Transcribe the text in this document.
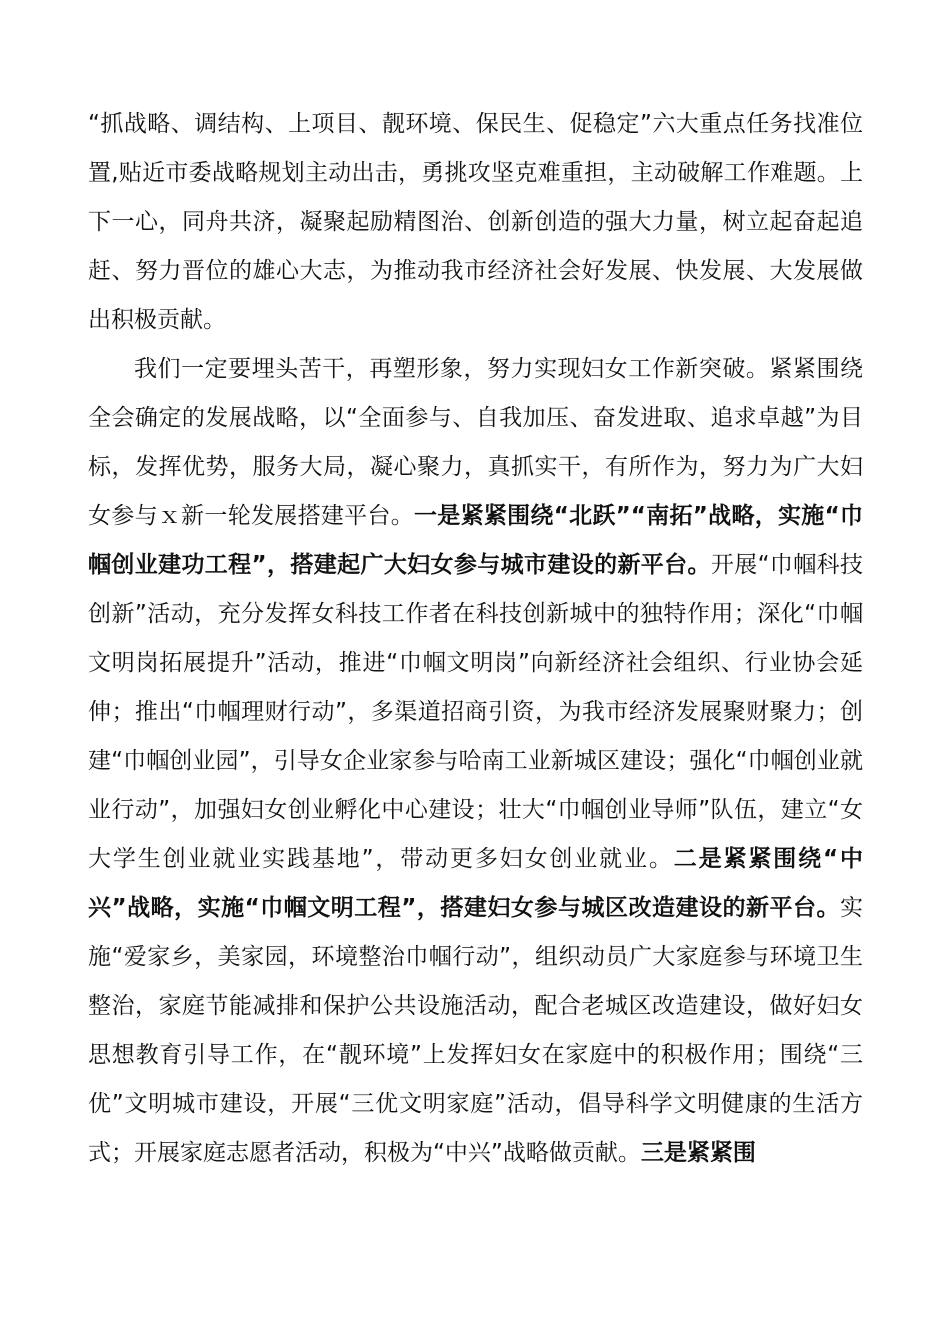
“抓战略、调结构、上项目、靓环境、保民生、促稳定”六大重点任务找准位置,贴近市委战略规划主动出击，勇挑攻坚克难重担，主动破解工作难题。上下一心，同舟共济，凝聚起励精图治、创新创造的强大力量，树立起奋起追赶、努力晋位的雄心大志，为推动我市经济社会好发展、快发展、大发展做出积极贡献。

我们一定要埋头苦干，再塑形象，努力实现妇女工作新突破。紧紧围绕全会确定的发展战略，以“全面参与、自我加压、奋发进取、追求卓越”为目标，发挥优势，服务大局，凝心聚力，真抓实干，有所作为，努力为广大妇女参与ｘ新一轮发展搭建平台。一是紧紧围绕“北跃”“南拓”战略，实施“巾帼创业建功工程”，搭建起广大妇女参与城市建设的新平台。开展“巾帼科技创新”活动，充分发挥女科技工作者在科技创新城中的独特作用；深化“巾帼文明岗拓展提升”活动，推进“巾帼文明岗”向新经济社会组织、行业协会延伸；推出“巾帼理财行动”，多渠道招商引资，为我市经济发展聚财聚力；创建“巾帼创业园”，引导女企业家参与哈南工业新城区建设；强化“巾帼创业就业行动”，加强妇女创业孵化中心建设；壮大“巾帼创业导师”队伍，建立“女大学生创业就业实践基地”，带动更多妇女创业就业。二是紧紧围绕“中兴”战略，实施“巾帼文明工程”，搭建妇女参与城区改造建设的新平台。实施“爱家乡，美家园，环境整治巾帼行动”，组织动员广大家庭参与环境卫生整治，家庭节能减排和保护公共设施活动，配合老城区改造建设，做好妇女思想教育引导工作，在“靓环境”上发挥妇女在家庭中的积极作用；围绕“三优”文明城市建设，开展“三优文明家庭”活动，倡导科学文明健康的生活方式；开展家庭志愿者活动，积极为“中兴”战略做贡献。三是紧紧围
